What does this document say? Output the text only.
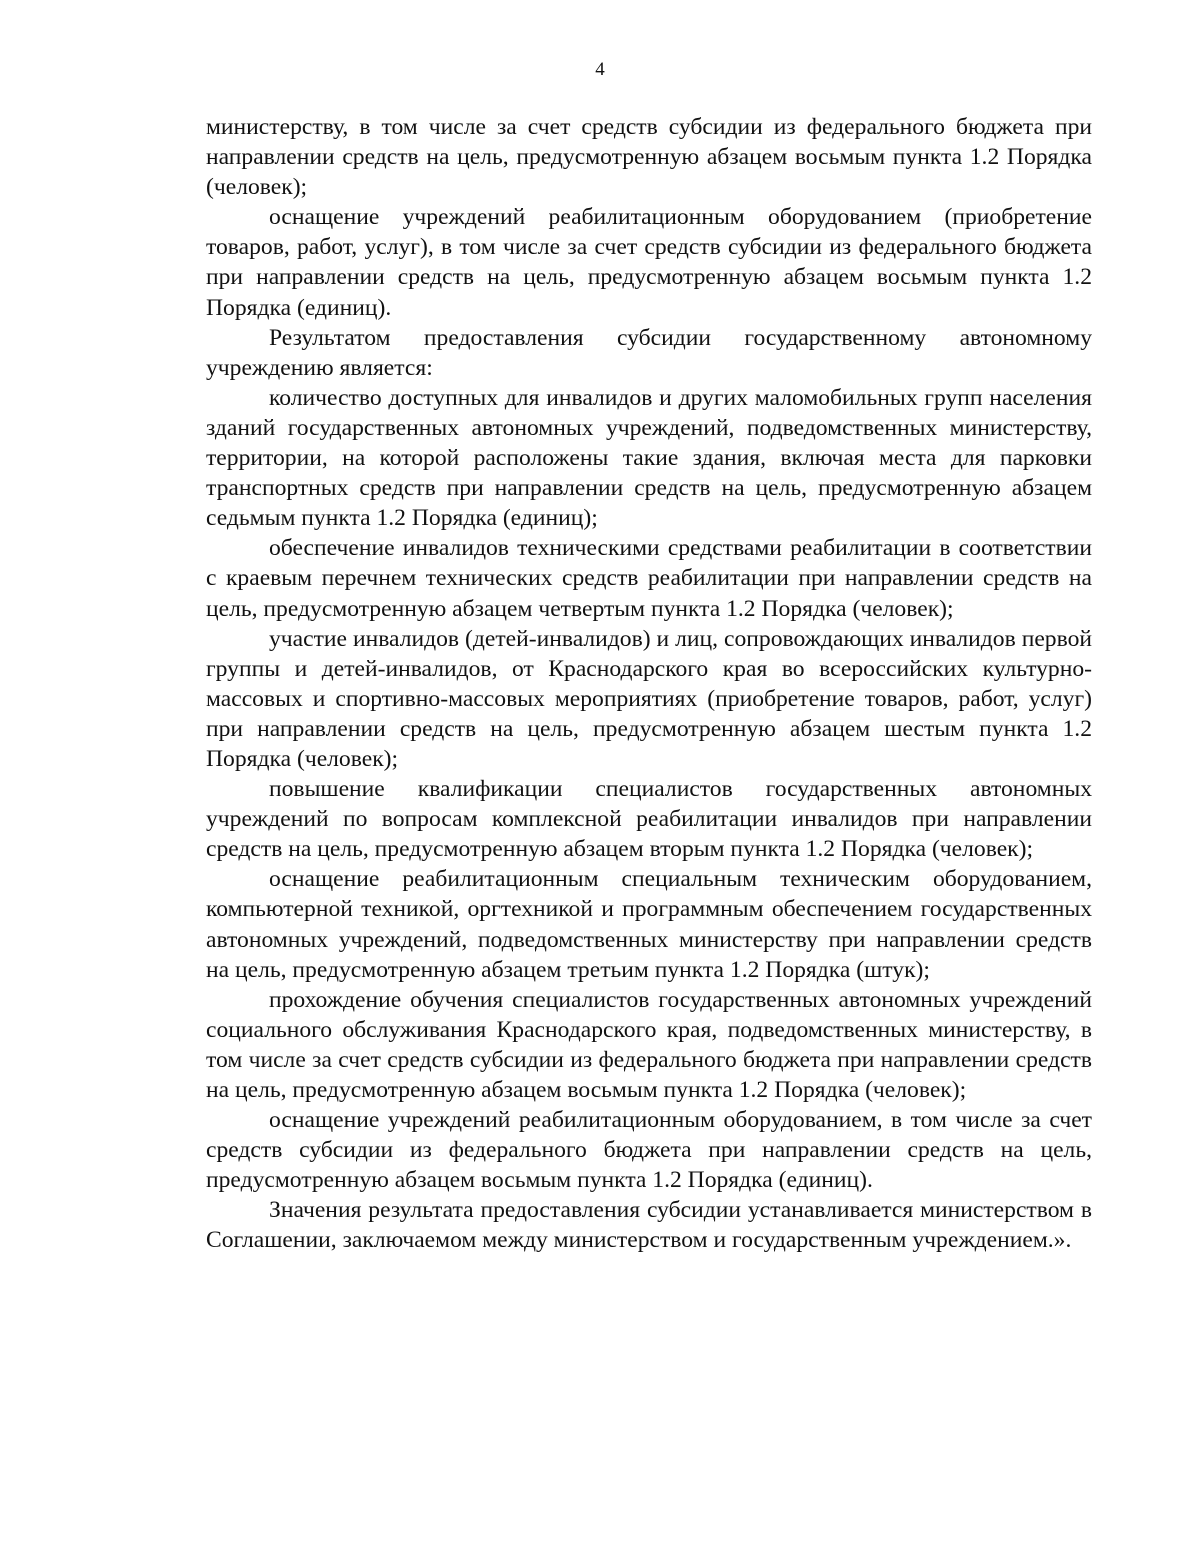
4

министерству, в том числе за счет средств субсидии из федерального бюджета при направлении средств на цель, предусмотренную абзацем восьмым пункта 1.2 Порядка (человек);

оснащение учреждений реабилитационным оборудованием (приобретение товаров, работ, услуг), в том числе за счет средств субсидии из федерального бюджета при направлении средств на цель, предусмотренную абзацем восьмым пункта 1.2 Порядка (единиц).

Результатом предоставления субсидии государственному автономному учреждению является:

количество доступных для инвалидов и других маломобильных групп населения зданий государственных автономных учреждений, подведомственных министерству, территории, на которой расположены такие здания, включая места для парковки транспортных средств при направлении средств на цель, предусмотренную абзацем седьмым пункта 1.2 Порядка (единиц);

обеспечение инвалидов техническими средствами реабилитации в соответствии с краевым перечнем технических средств реабилитации при направлении средств на цель, предусмотренную абзацем четвертым пункта 1.2 Порядка (человек);

участие инвалидов (детей-инвалидов) и лиц, сопровождающих инвалидов первой группы и детей-инвалидов, от Краснодарского края во всероссийских культурно-массовых и спортивно-массовых мероприятиях (приобретение товаров, работ, услуг) при направлении средств на цель, предусмотренную абзацем шестым пункта 1.2 Порядка (человек);

повышение квалификации специалистов государственных автономных учреждений по вопросам комплексной реабилитации инвалидов при направлении средств на цель, предусмотренную абзацем вторым пункта 1.2 Порядка (человек);

оснащение реабилитационным специальным техническим оборудованием, компьютерной техникой, оргтехникой и программным обеспечением государственных автономных учреждений, подведомственных министерству при направлении средств на цель, предусмотренную абзацем третьим пункта 1.2 Порядка (штук);

прохождение обучения специалистов государственных автономных учреждений социального обслуживания Краснодарского края, подведомственных министерству, в том числе за счет средств субсидии из федерального бюджета при направлении средств на цель, предусмотренную абзацем восьмым пункта 1.2 Порядка (человек);

оснащение учреждений реабилитационным оборудованием, в том числе за счет средств субсидии из федерального бюджета при направлении средств на цель, предусмотренную абзацем восьмым пункта 1.2 Порядка (единиц).

Значения результата предоставления субсидии устанавливается министерством в Соглашении, заключаемом между министерством и государственным учреждением.».
